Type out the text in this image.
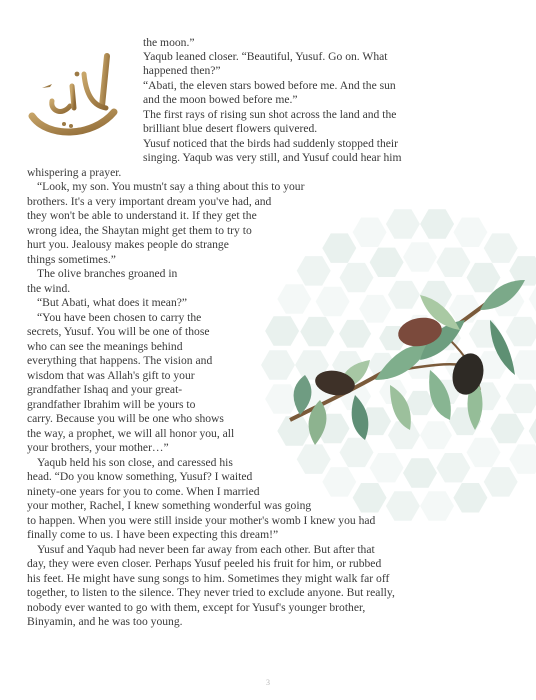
the moon.”
Yaqub leaned closer. “Beautiful, Yusuf. Go on. What
happened then?”
“Abati, the eleven stars bowed before me. And the sun
and the moon bowed before me.”
The first rays of rising sun shot across the land and the
brilliant blue desert flowers quivered.
Yusuf noticed that the birds had suddenly stopped their
singing. Yaqub was very still, and Yusuf could hear him
whispering a prayer.
“Look, my son. You mustn't say a thing about this to your
brothers. It's a very important dream you've had, and
they won't be able to understand it. If they get the
wrong idea, the Shaytan might get them to try to
hurt you. Jealousy makes people do strange
things sometimes.”
The olive branches groaned in
the wind.
“But Abati, what does it mean?”
“You have been chosen to carry the
secrets, Yusuf. You will be one of those
who can see the meanings behind
everything that happens. The vision and
wisdom that was Allah's gift to your
grandfather Ishaq and your great-
grandfather Ibrahim will be yours to
carry. Because you will be one who shows
the way, a prophet, we will all honor you, all
your brothers, your mother…”
Yaqub held his son close, and caressed his
head. “Do you know something, Yusuf? I waited
ninety-one years for you to come. When I married
your mother, Rachel, I knew something wonderful was going
to happen. When you were still inside your mother's womb I knew you had
finally come to us. I have been expecting this dream!”
Yusuf and Yaqub had never been far away from each other. But after that
day, they were even closer. Perhaps Yusuf peeled his fruit for him, or rubbed
his feet. He might have sung songs to him. Sometimes they might walk far off
together, to listen to the silence. They never tried to exclude anyone. But really,
nobody ever wanted to go with them, except for Yusuf's younger brother,
Binyamin, and he was too young.
3
